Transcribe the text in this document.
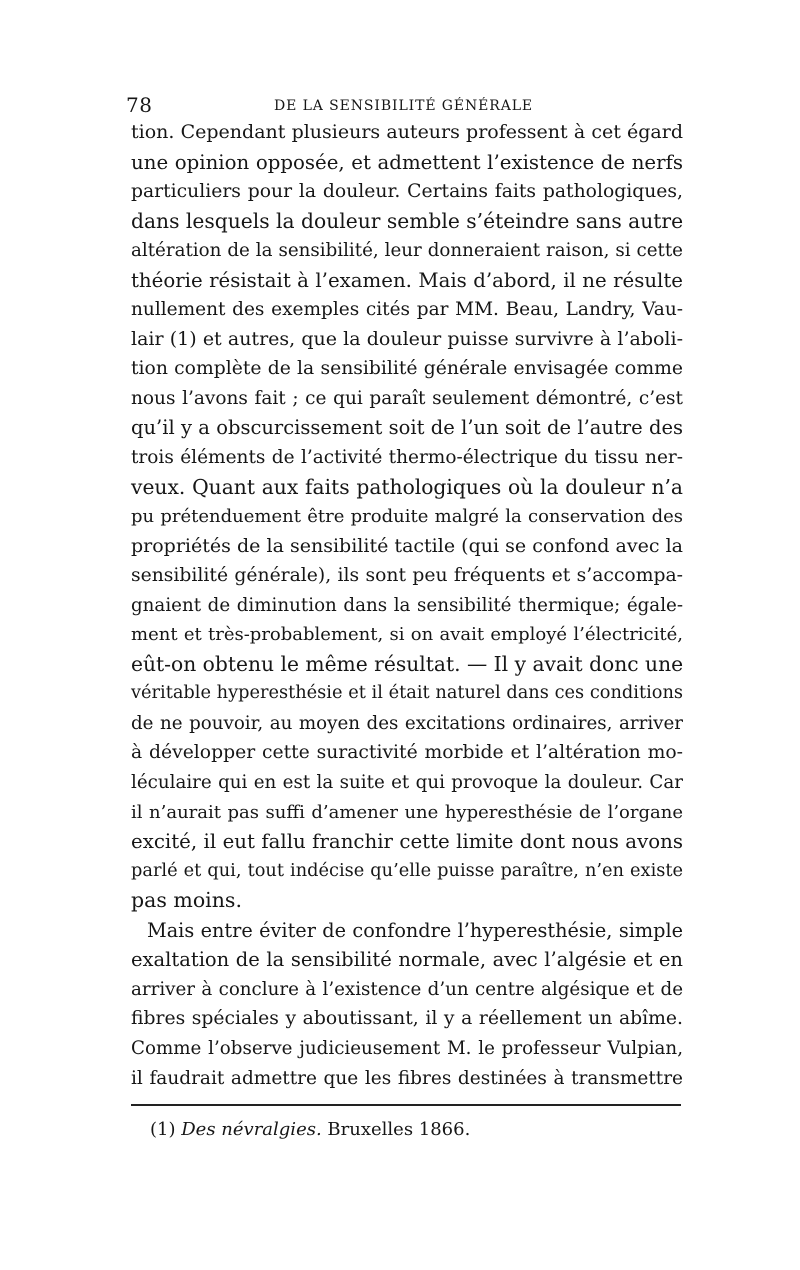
78	DE LA SENSIBILITÉ GÉNÉRALE
tion. Cependant plusieurs auteurs professent à cet égard
une opinion opposée, et admettent l’existence de nerfs
particuliers pour la douleur. Certains faits pathologiques,
dans lesquels la douleur semble s’éteindre sans autre
altération de la sensibilité, leur donneraient raison, si cette
théorie résistait à l’examen. Mais d’abord, il ne résulte
nullement des exemples cités par MM. Beau, Landry, Vau-
lair (1) et autres, que la douleur puisse survivre à l’aboli-
tion complète de la sensibilité générale envisagée comme
nous l’avons fait ; ce qui paraît seulement démontré, c’est
qu’il y a obscurcissement soit de l’un soit de l’autre des
trois éléments de l’activité thermo-électrique du tissu ner-
veux. Quant aux faits pathologiques où la douleur n’a
pu prétenduement être produite malgré la conservation des
propriétés de la sensibilité tactile (qui se confond avec la
sensibilité générale), ils sont peu fréquents et s’accompa-
gnaient de diminution dans la sensibilité thermique; égale-
ment et très-probablement, si on avait employé l’électricité,
eût-on obtenu le même résultat. — Il y avait donc une
véritable hyperesthésie et il était naturel dans ces conditions
de ne pouvoir, au moyen des excitations ordinaires, arriver
à développer cette suractivité morbide et l’altération mo-
léculaire qui en est la suite et qui provoque la douleur. Car
il n’aurait pas suffi d’amener une hyperesthésie de l’organe
excité, il eut fallu franchir cette limite dont nous avons
parlé et qui, tout indécise qu’elle puisse paraître, n’en existe
pas moins.
Mais entre éviter de confondre l’hyperesthésie, simple
exaltation de la sensibilité normale, avec l’algésie et en
arriver à conclure à l’existence d’un centre algésique et de
fibres spéciales y aboutissant, il y a réellement un abîme.
Comme l’observe judicieusement M. le professeur Vulpian,
il faudrait admettre que les fibres destinées à transmettre
(1) Des névralgies. Bruxelles 1866.
